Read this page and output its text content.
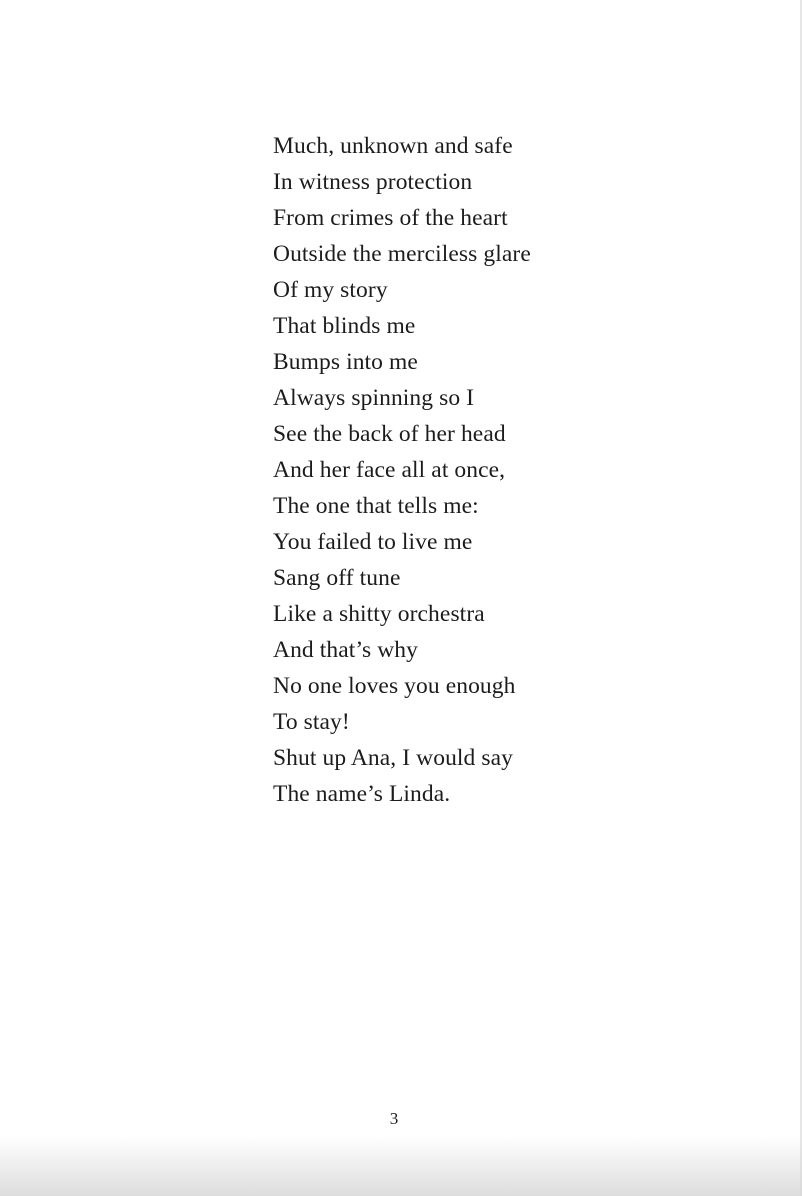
Much, unknown and safe
In witness protection
From crimes of the heart
Outside the merciless glare
Of my story
That blinds me
Bumps into me
Always spinning so I
See the back of her head
And her face all at once,
The one that tells me:
You failed to live me
Sang off tune
Like a shitty orchestra
And that’s why
No one loves you enough
To stay!
Shut up Ana, I would say
The name’s Linda.
3
